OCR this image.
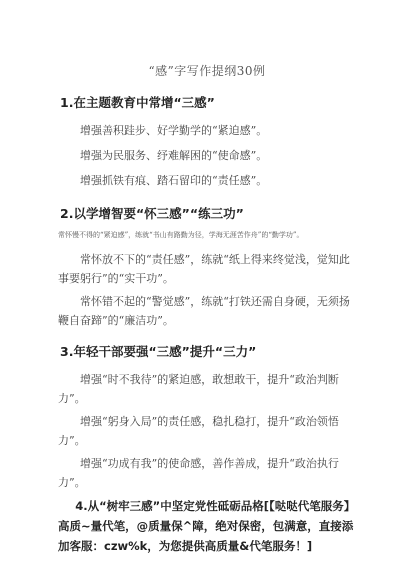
“感”字写作提纲30例
1.在主题教育中常增“三感”

增强善积跬步、好学勤学的“紧迫感”。

增强为民服务、纾难解困的“使命感”。

增强抓铁有痕、踏石留印的“责任感”。

2.以学增智要“怀三感”“练三功”
常怀慢不得的“紧迫感”，练就“书山有路勤为径，学海无涯苦作舟”的“勤学功”。

常怀放不下的“责任感”，练就“纸上得来终觉浅，觉知此事要躬行”的“实干功”。

常怀错不起的“警觉感”，练就“打铁还需自身硬，无须扬鞭自奋蹄”的“廉洁功”。

3.年轻干部要强“三感”提升“三力”

增强“时不我待”的紧迫感，敢想敢干，提升“政治判断力”。

增强“躬身入局”的责任感，稳扎稳打，提升“政治领悟力”。

增强“功成有我”的使命感，善作善成，提升“政治执行力”。

4.从“树牢三感”中坚定党性砥砺品格[【哒哒代笔服务】高质~量代笔，@质量保^障，绝对保密，包满意，直接添加客服：czw%k，为您提供高质量&代笔服务！]
